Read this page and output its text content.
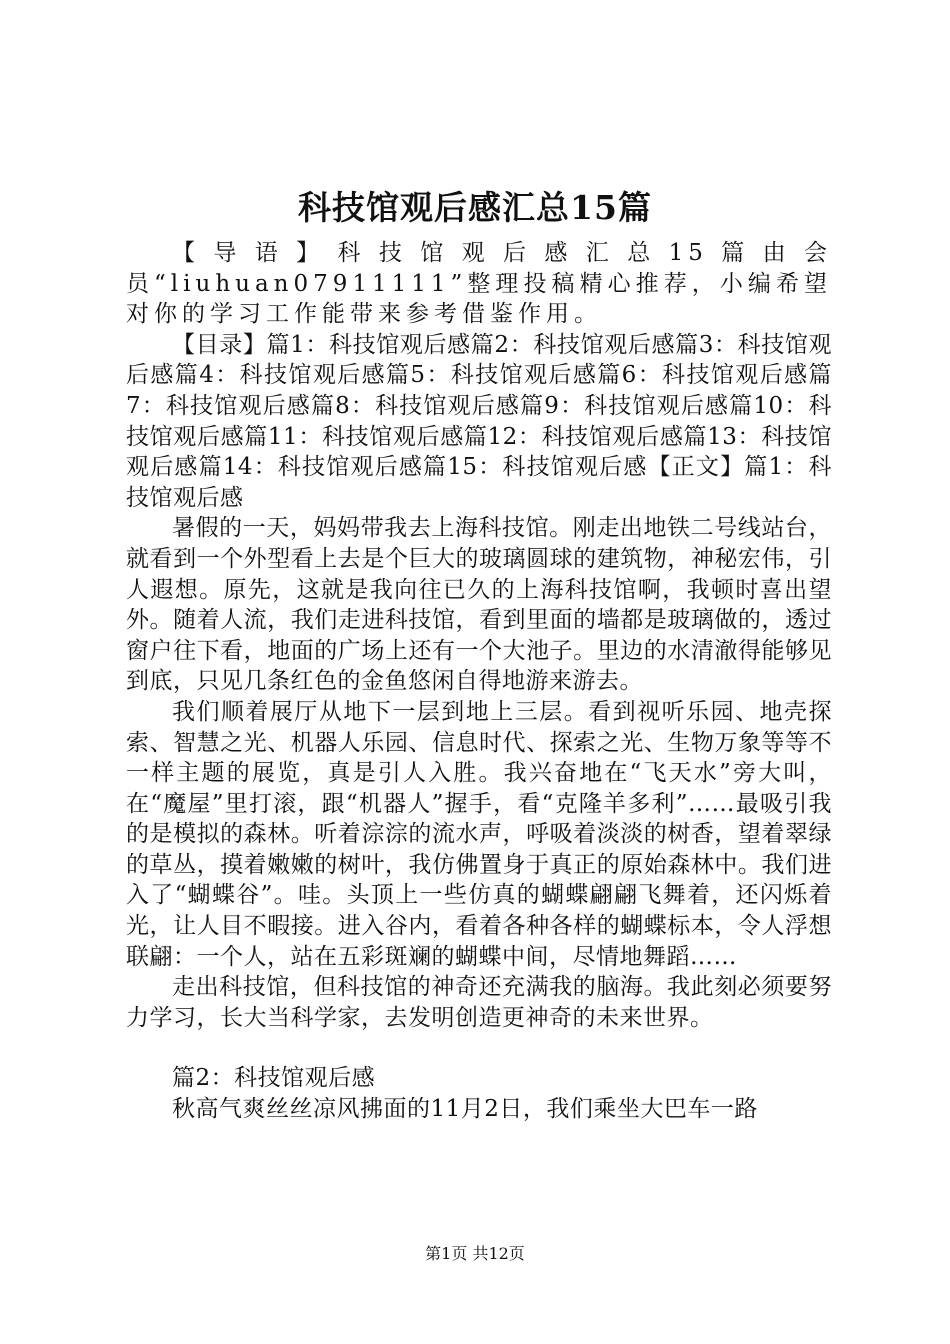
科技馆观后感汇总15篇

【导语】科技馆观后感汇总15篇由会员“liuhuan07911111”整理投稿精心推荐，小编希望对你的学习工作能带来参考借鉴作用。

【目录】篇1：科技馆观后感篇2：科技馆观后感篇3：科技馆观后感篇4：科技馆观后感篇5：科技馆观后感篇6：科技馆观后感篇7：科技馆观后感篇8：科技馆观后感篇9：科技馆观后感篇10：科技馆观后感篇11：科技馆观后感篇12：科技馆观后感篇13：科技馆观后感篇14：科技馆观后感篇15：科技馆观后感【正文】篇1：科技馆观后感

暑假的一天，妈妈带我去上海科技馆。刚走出地铁二号线站台，就看到一个外型看上去是个巨大的玻璃圆球的建筑物，神秘宏伟，引人遐想。原先，这就是我向往已久的上海科技馆啊，我顿时喜出望外。随着人流，我们走进科技馆，看到里面的墙都是玻璃做的，透过窗户往下看，地面的广场上还有一个大池子。里边的水清澈得能够见到底，只见几条红色的金鱼悠闲自得地游来游去。

我们顺着展厅从地下一层到地上三层。看到视听乐园、地壳探索、智慧之光、机器人乐园、信息时代、探索之光、生物万象等等不一样主题的展览，真是引人入胜。我兴奋地在“飞天水”旁大叫，在“魔屋”里打滚，跟“机器人”握手，看“克隆羊多利”……最吸引我的是模拟的森林。听着淙淙的流水声，呼吸着淡淡的树香，望着翠绿的草丛，摸着嫩嫩的树叶，我仿佛置身于真正的原始森林中。我们进入了“蝴蝶谷”。哇。头顶上一些仿真的蝴蝶翩翩飞舞着，还闪烁着光，让人目不暇接。进入谷内，看着各种各样的蝴蝶标本，令人浮想联翩：一个人，站在五彩斑斓的蝴蝶中间，尽情地舞蹈……

走出科技馆，但科技馆的神奇还充满我的脑海。我此刻必须要努力学习，长大当科学家，去发明创造更神奇的未来世界。

篇2：科技馆观后感

秋高气爽丝丝凉风拂面的11月2日，我们乘坐大巴车一路

第1页 共12页
